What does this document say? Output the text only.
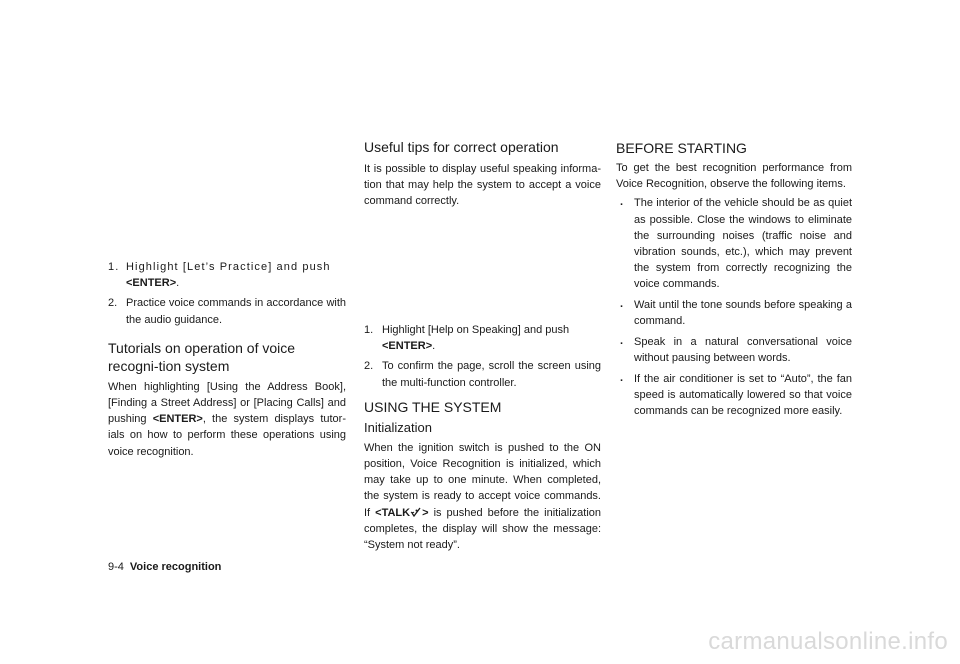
1. Highlight [Let’s Practice] and push
<ENTER>.
2. Practice voice commands in accordance with the audio guidance.
Tutorials on operation of voice recogni-tion system

When highlighting [Using the Address Book], [Finding a Street Address] or [Placing Calls] and pushing <ENTER>, the system displays tutor-ials on how to perform these operations using voice recognition.

Useful tips for correct operation

It is possible to display useful speaking informa-tion that may help the system to accept a voice command correctly.

1. Highlight [Help on Speaking] and push
<ENTER>.
2. To confirm the page, scroll the screen using the multi-function controller.
USING THE SYSTEM
Initialization

When the ignition switch is pushed to the ON position, Voice Recognition is initialized, which may take up to one minute. When completed, the system is ready to accept voice commands. If <TALK > is pushed before the initialization completes, the display will show the message: “System not ready”.

BEFORE STARTING

To get the best recognition performance from Voice Recognition, observe the following items.

. The interior of the vehicle should be as quiet as possible. Close the windows to eliminate the surrounding noises (traffic noise and vibration sounds, etc.), which may prevent the system from correctly recognizing the voice commands.
. Wait until the tone sounds before speaking a command.
. Speak in a natural conversational voice without pausing between words.
. If the air conditioner is set to “Auto”, the fan speed is automatically lowered so that voice commands can be recognized more easily.
9-4 Voice recognition
carmanualsonline.info
